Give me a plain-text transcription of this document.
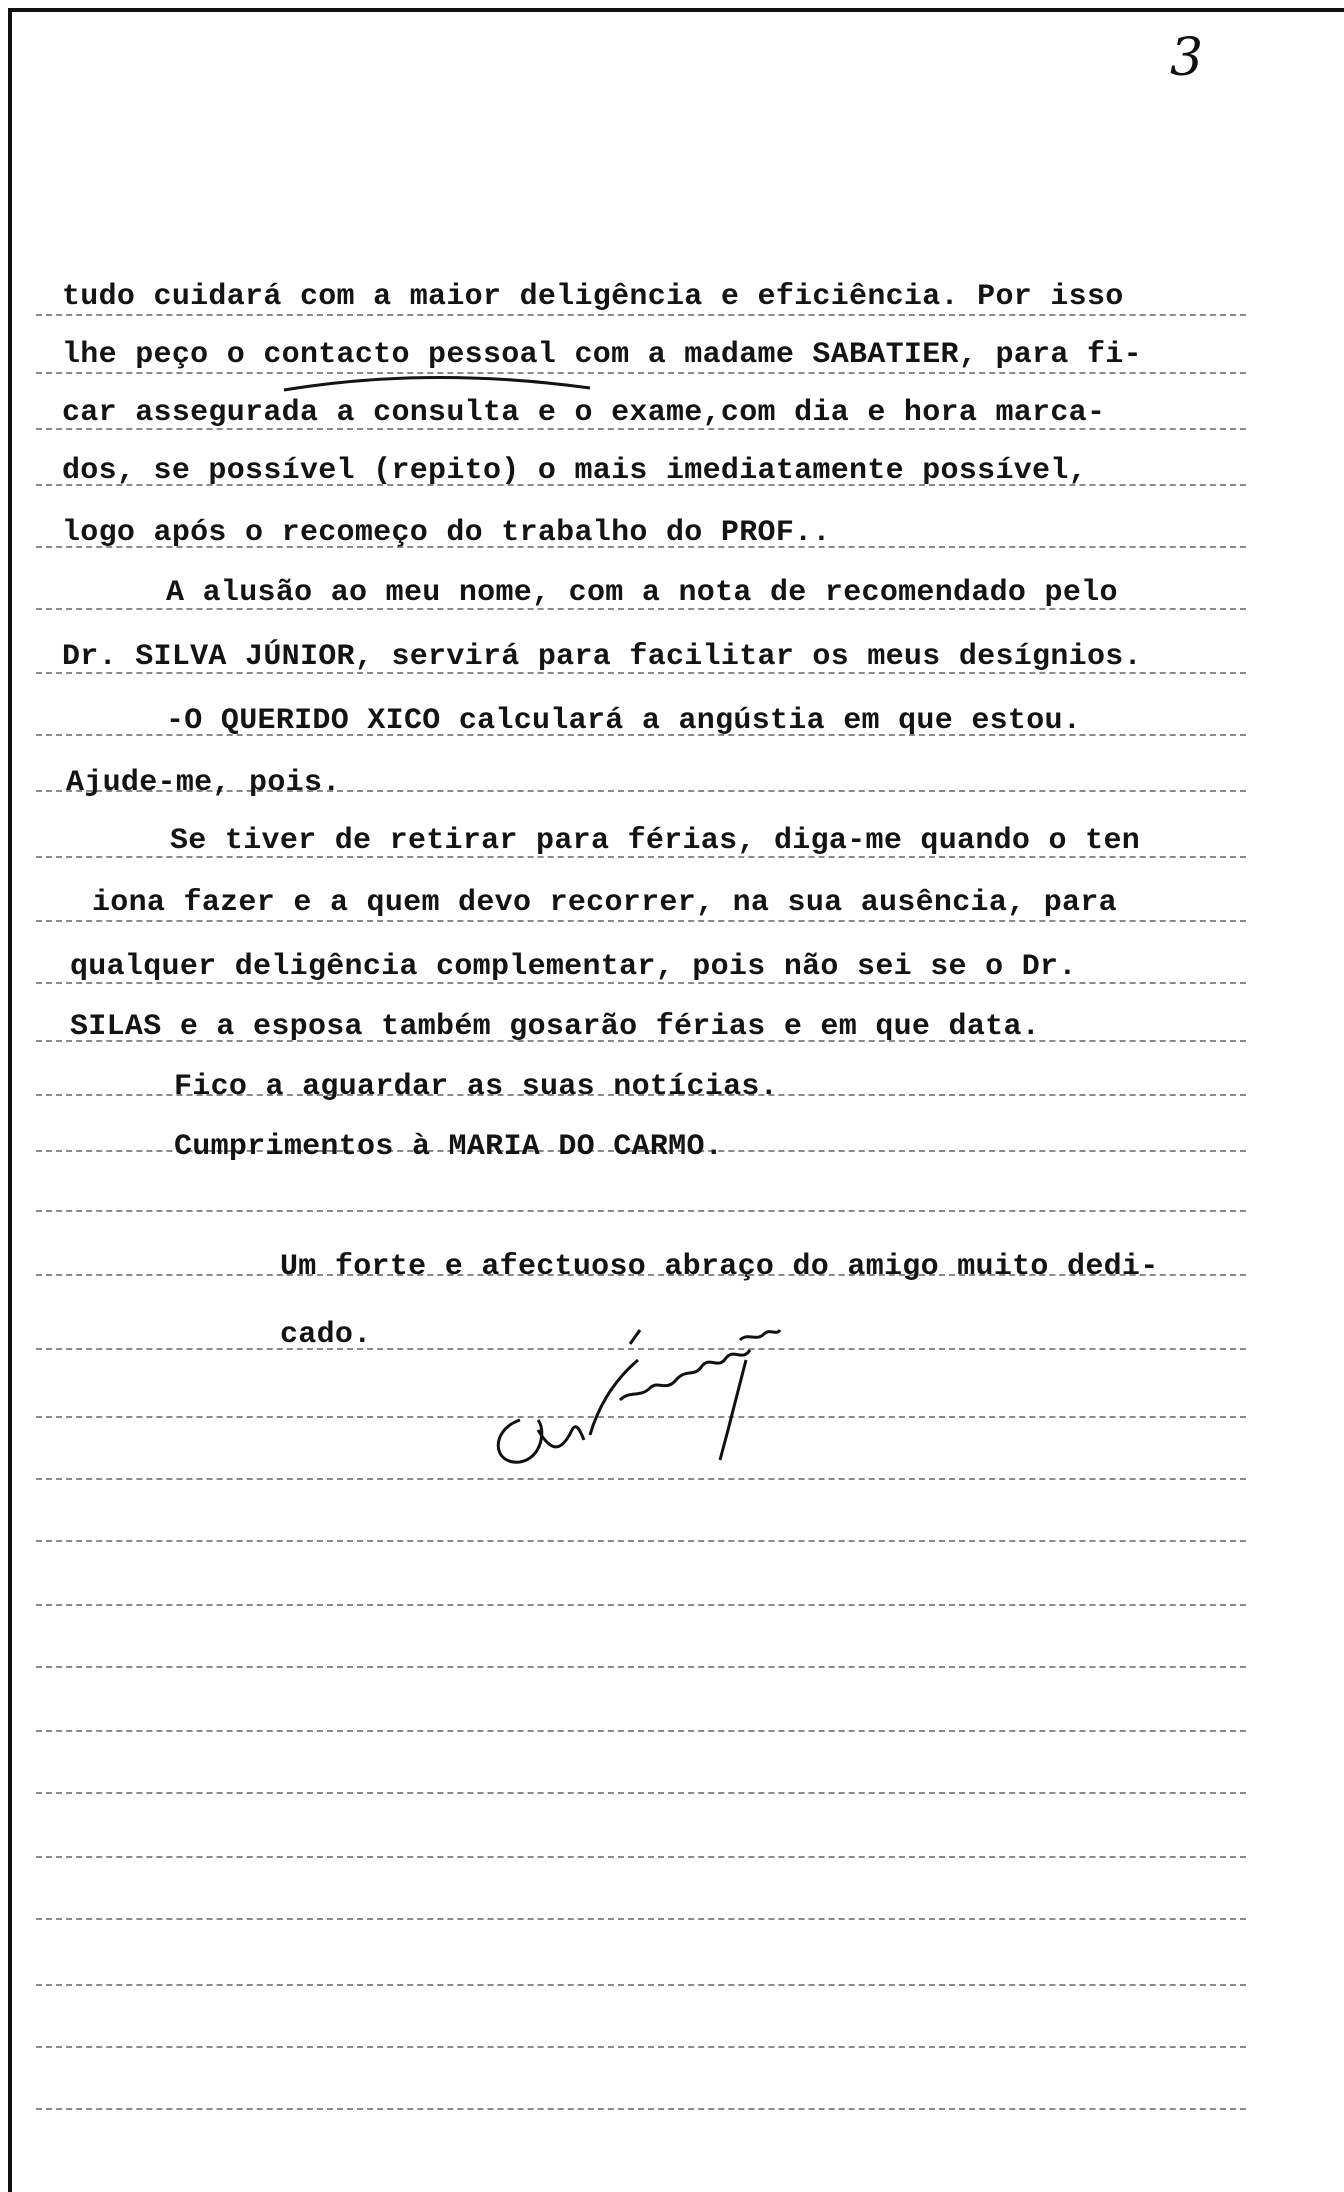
3
tudo cuidará com a maior deligência e eficiência. Por isso
lhe peço o contacto pessoal com a madame SABATIER, para fi-
car assegurada a consulta e o exame,com dia e hora marca-
dos, se possível (repito) o mais imediatamente possível,
logo após o recomeço do trabalho do PROF..
A alusão ao meu nome, com a nota de recomendado pelo
Dr. SILVA JÚNIOR, servirá para facilitar os meus desígnios.
-O QUERIDO XICO calculará a angústia em que estou.
Ajude-me, pois.
Se tiver de retirar para férias, diga-me quando o ten
iona fazer e a quem devo recorrer, na sua ausência, para
qualquer deligência complementar, pois não sei se o Dr.
SILAS e a esposa também gosarão férias e em que data.
Fico a aguardar as suas notícias.
Cumprimentos à MARIA DO CARMO.
Um forte e afectuoso abraço do amigo muito dedi-
cado.
